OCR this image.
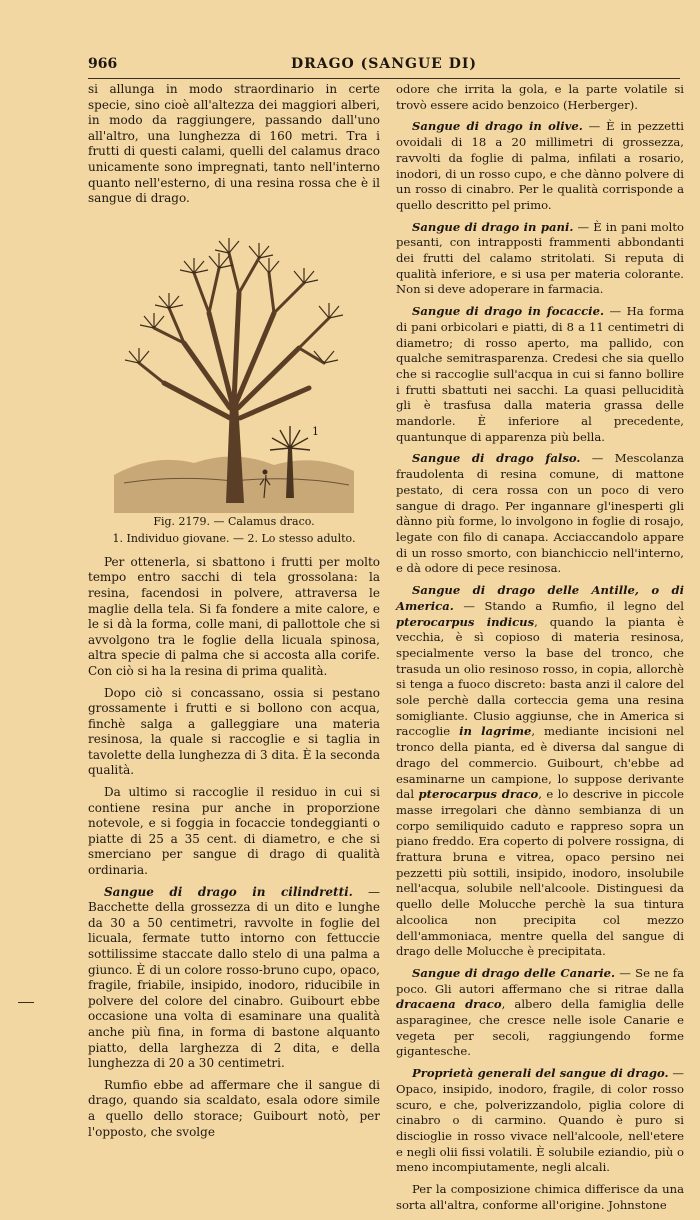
966	DRAGO (SANGUE DI)

si allunga in modo straordinario in certe specie, sino cioè all'altezza dei maggiori alberi, in modo da raggiungere, passando dall'uno all'altro, una lunghezza di 160 metri. Tra i frutti di questi calami, quelli del calamus draco unicamente sono impregnati, tanto nell'interno quanto nell'esterno, di una resina rossa che è il sangue di drago.

1
Fig. 2179. — Calamus draco.
1. Individuo giovane. — 2. Lo stesso adulto.

Per ottenerla, si sbattono i frutti per molto tempo entro sacchi di tela grossolana: la resina, facendosi in polvere, attraversa le maglie della tela. Si fa fondere a mite calore, e le si dà la forma, colle mani, di pallottole che si avvolgono tra le foglie della licuala spinosa, altra specie di palma che si accosta alla corife. Con ciò si ha la resina di prima qualità.

Dopo ciò si concassano, ossia si pestano grossamente i frutti e si bollono con acqua, finchè salga a galleggiare una materia resinosa, la quale si raccoglie e si taglia in tavolette della lunghezza di 3 dita. È la seconda qualità.

Da ultimo si raccoglie il residuo in cui si contiene resina pur anche in proporzione notevole, e si foggia in focaccie tondeggianti o piatte di 25 a 35 cent. di diametro, e che si smerciano per sangue di drago di qualità ordinaria.

Sangue di drago in cilindretti. — Bacchette della grossezza di un dito e lunghe da 30 a 50 centimetri, ravvolte in foglie del licuala, fermate tutto intorno con fettuccie sottilissime staccate dallo stelo di una palma a giunco. È di un colore rosso-bruno cupo, opaco, fragile, friabile, insipido, inodoro, riducibile in polvere del colore del cinabro. Guibourt ebbe occasione una volta di esaminare una qualità anche più fina, in forma di bastone alquanto piatto, della larghezza di 2 dita, e della lunghezza di 20 a 30 centimetri.

Rumfio ebbe ad affermare che il sangue di drago, quando sia scaldato, esala odore simile a quello dello storace; Guibourt notò, per l'opposto, che svolge

odore che irrita la gola, e la parte volatile si trovò essere acido benzoico (Herberger).

Sangue di drago in olive. — È in pezzetti ovoidali di 18 a 20 millimetri di grossezza, ravvolti da foglie di palma, infilati a rosario, inodori, di un rosso cupo, e che dànno polvere di un rosso di cinabro. Per le qualità corrisponde a quello descritto pel primo.

Sangue di drago in pani. — È in pani molto pesanti, con intrapposti frammenti abbondanti dei frutti del calamo stritolati. Si reputa di qualità inferiore, e si usa per materia colorante. Non si deve adoperare in farmacia.

Sangue di drago in focaccie. — Ha forma di pani orbicolari e piatti, di 8 a 11 centimetri di diametro; di rosso aperto, ma pallido, con qualche semitrasparenza. Credesi che sia quello che si raccoglie sull'acqua in cui si fanno bollire i frutti sbattuti nei sacchi. La quasi pellucidità gli è trasfusa dalla materia grassa delle mandorle. È inferiore al precedente, quantunque di apparenza più bella.

Sangue di drago falso. — Mescolanza fraudolenta di resina comune, di mattone pestato, di cera rossa con un poco di vero sangue di drago. Per ingannare gl'inesperti gli dànno più forme, lo involgono in foglie di rosajo, legate con filo di canapa. Acciaccandolo appare di un rosso smorto, con bianchiccio nell'interno, e dà odore di pece resinosa.

Sangue di drago delle Antille, o di America. — Stando a Rumfio, il legno del pterocarpus indicus, quando la pianta è vecchia, è sì copioso di materia resinosa, specialmente verso la base del tronco, che trasuda un olio resinoso rosso, in copia, allorchè si tenga a fuoco discreto: basta anzi il calore del sole perchè dalla corteccia gema una resina somigliante. Clusio aggiunse, che in America si raccoglie in lagrime, mediante incisioni nel tronco della pianta, ed è diversa dal sangue di drago del commercio. Guibourt, ch'ebbe ad esaminarne un campione, lo suppose derivante dal pterocarpus draco, e lo descrive in piccole masse irregolari che dànno sembianza di un corpo semiliquido caduto e rappreso sopra un piano freddo. Era coperto di polvere rossigna, di frattura bruna e vitrea, opaco persino nei pezzetti più sottili, insipido, inodoro, insolubile nell'acqua, solubile nell'alcoole. Distinguesi da quello delle Molucche perchè la sua tintura alcoolica non precipita col mezzo dell'ammoniaca, mentre quella del sangue di drago delle Molucche è precipitata.

Sangue di drago delle Canarie. — Se ne fa poco. Gli autori affermano che si ritrae dalla dracaena draco, albero della famiglia delle asparaginee, che cresce nelle isole Canarie e vegeta per secoli, raggiungendo forme gigantesche.

Proprietà generali del sangue di drago. — Opaco, insipido, inodoro, fragile, di color rosso scuro, e che, polverizzandolo, piglia colore di cinabro o di carmino. Quando è puro si discioglie in rosso vivace nell'alcoole, nell'etere e negli olii fissi volatili. È solubile eziandio, più o meno incompiutamente, negli alcali.

Per la composizione chimica differisce da una sorta all'altra, conforme all'origine. Johnstone
